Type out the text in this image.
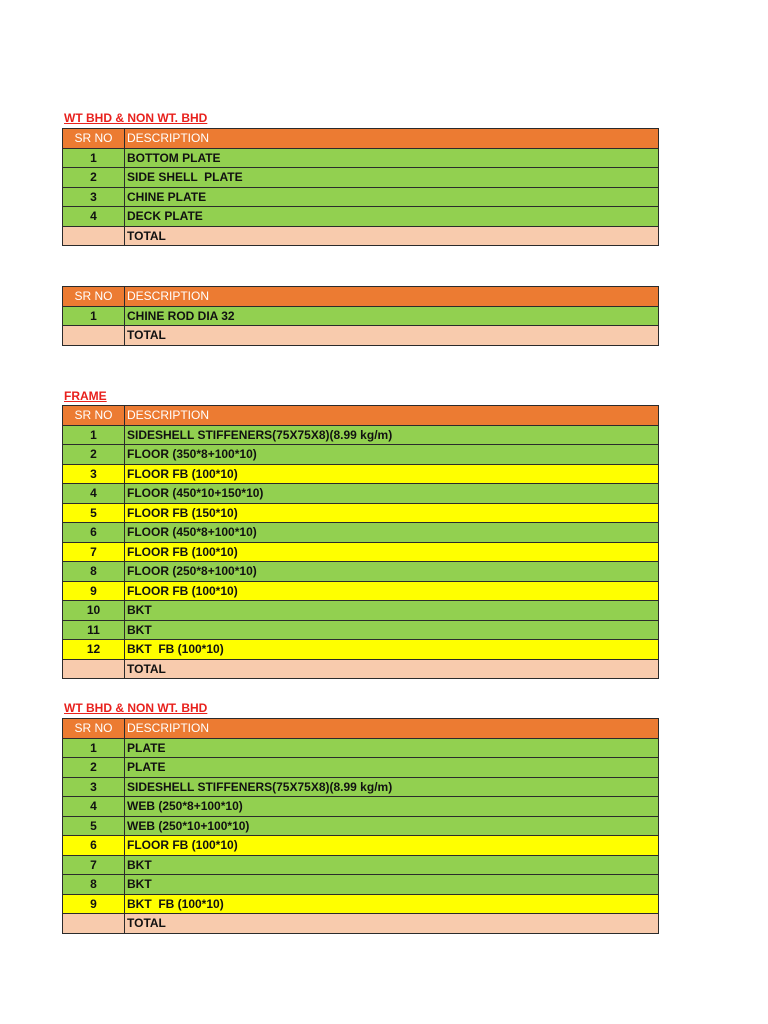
WT BHD & NON WT. BHD
SR NO	DESCRIPTION
1	BOTTOM PLATE
2	SIDE SHELL  PLATE
3	CHINE PLATE
4	DECK PLATE
	TOTAL
SR NO	DESCRIPTION
1	CHINE ROD DIA 32
	TOTAL
FRAME
SR NO	DESCRIPTION
1	SIDESHELL STIFFENERS(75X75X8)(8.99 kg/m)
2	FLOOR (350*8+100*10)
3	FLOOR FB (100*10)
4	FLOOR (450*10+150*10)
5	FLOOR FB (150*10)
6	FLOOR (450*8+100*10)
7	FLOOR FB (100*10)
8	FLOOR (250*8+100*10)
9	FLOOR FB (100*10)
10	BKT
11	BKT
12	BKT  FB (100*10)
	TOTAL
WT BHD & NON WT. BHD
SR NO	DESCRIPTION
1	PLATE
2	PLATE
3	SIDESHELL STIFFENERS(75X75X8)(8.99 kg/m)
4	WEB (250*8+100*10)
5	WEB (250*10+100*10)
6	FLOOR FB (100*10)
7	BKT
8	BKT
9	BKT  FB (100*10)
	TOTAL
